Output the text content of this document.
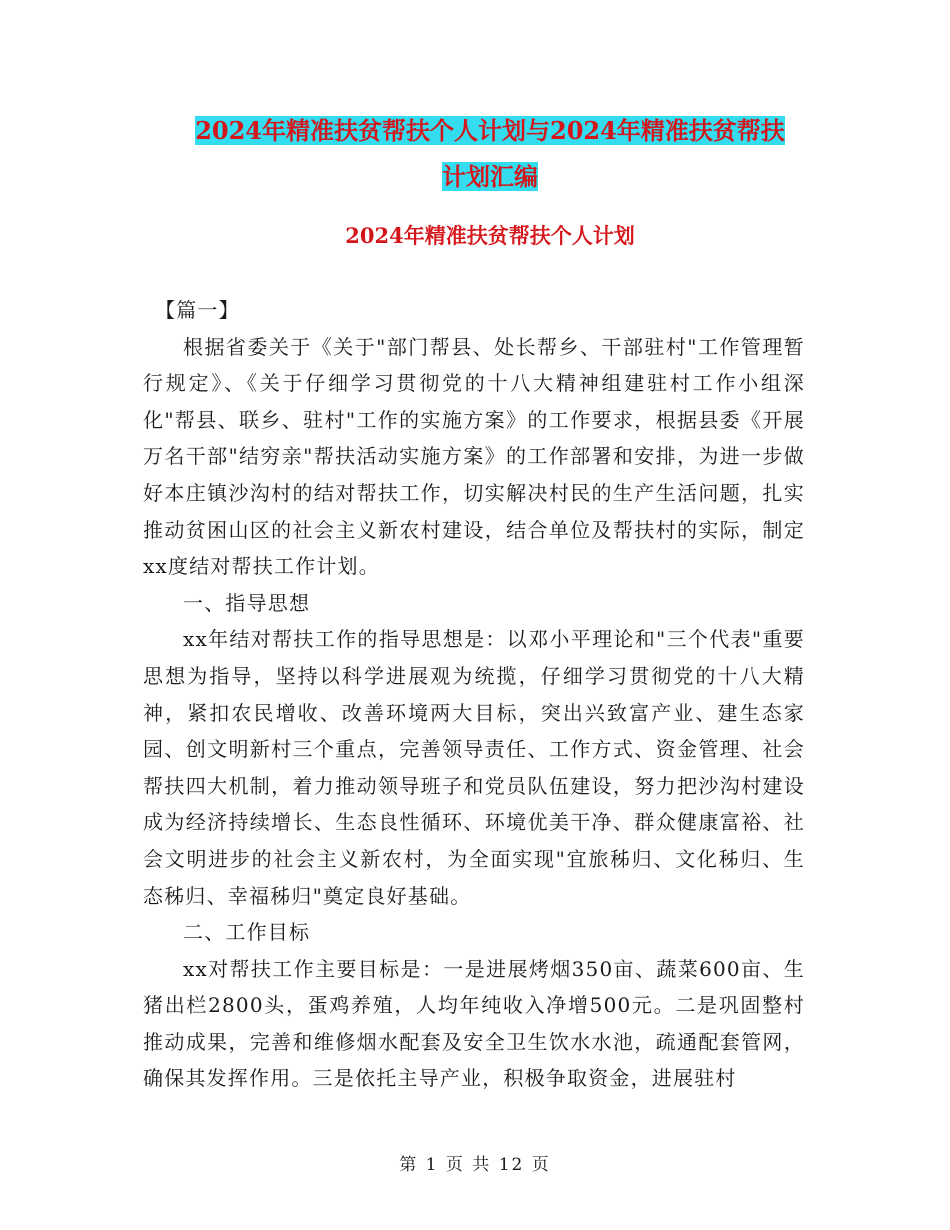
2024年精准扶贫帮扶个人计划与2024年精准扶贫帮扶
计划汇编
2024年精准扶贫帮扶个人计划

【篇一】

根据省委关于《关于"部门帮县、处长帮乡、干部驻村"工作管理暂行规定》、《关于仔细学习贯彻党的十八大精神组建驻村工作小组深化"帮县、联乡、驻村"工作的实施方案》的工作要求，根据县委《开展万名干部"结穷亲"帮扶活动实施方案》的工作部署和安排，为进一步做好本庄镇沙沟村的结对帮扶工作，切实解决村民的生产生活问题，扎实推动贫困山区的社会主义新农村建设，结合单位及帮扶村的实际，制定xx度结对帮扶工作计划。

一、指导思想

xx年结对帮扶工作的指导思想是：以邓小平理论和"三个代表"重要思想为指导，坚持以科学进展观为统揽，仔细学习贯彻党的十八大精神，紧扣农民增收、改善环境两大目标，突出兴致富产业、建生态家园、创文明新村三个重点，完善领导责任、工作方式、资金管理、社会帮扶四大机制，着力推动领导班子和党员队伍建设，努力把沙沟村建设成为经济持续增长、生态良性循环、环境优美干净、群众健康富裕、社会文明进步的社会主义新农村，为全面实现"宜旅秭归、文化秭归、生态秭归、幸福秭归"奠定良好基础。

二、工作目标

xx对帮扶工作主要目标是：一是进展烤烟350亩、蔬菜600亩、生猪出栏2800头，蛋鸡养殖，人均年纯收入净增500元。二是巩固整村推动成果，完善和维修烟水配套及安全卫生饮水水池，疏通配套管网，确保其发挥作用。三是依托主导产业，积极争取资金，进展驻村

第 1 页 共 12 页
